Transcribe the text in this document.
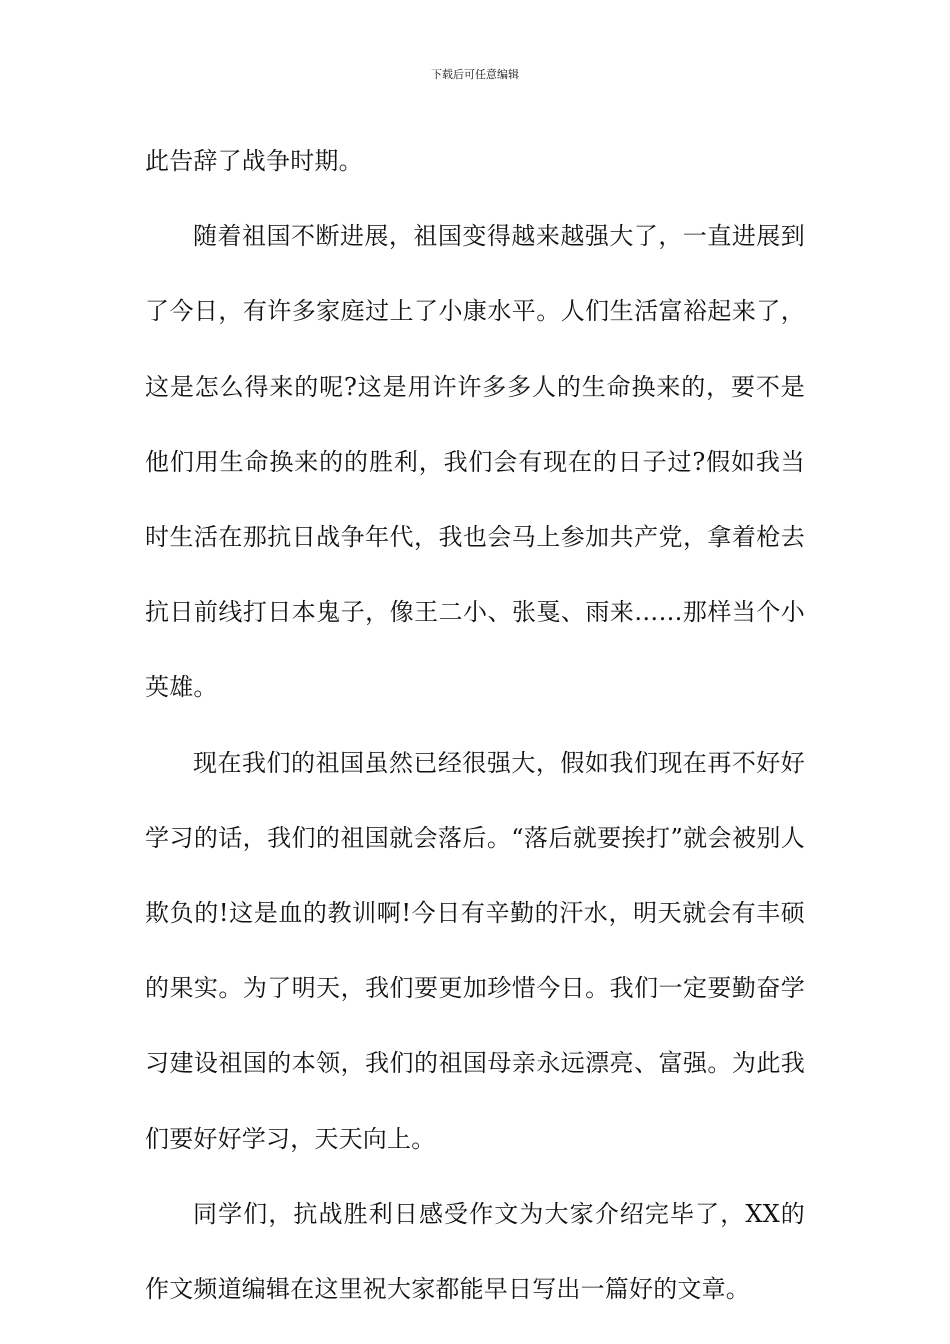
下载后可任意编辑

此告辞了战争时期。

随着祖国不断进展，祖国变得越来越强大了，一直进展到了今日，有许多家庭过上了小康水平。人们生活富裕起来了，这是怎么得来的呢?这是用许许多多人的生命换来的，要不是他们用生命换来的的胜利，我们会有现在的日子过?假如我当时生活在那抗日战争年代，我也会马上参加共产党，拿着枪去抗日前线打日本鬼子，像王二小、张戛、雨来……那样当个小英雄。

现在我们的祖国虽然已经很强大，假如我们现在再不好好学习的话，我们的祖国就会落后。“落后就要挨打”就会被别人欺负的!这是血的教训啊!今日有辛勤的汗水，明天就会有丰硕的果实。为了明天，我们要更加珍惜今日。我们一定要勤奋学习建设祖国的本领，我们的祖国母亲永远漂亮、富强。为此我们要好好学习，天天向上。

同学们，抗战胜利日感受作文为大家介绍完毕了，XX的作文频道编辑在这里祝大家都能早日写出一篇好的文章。
